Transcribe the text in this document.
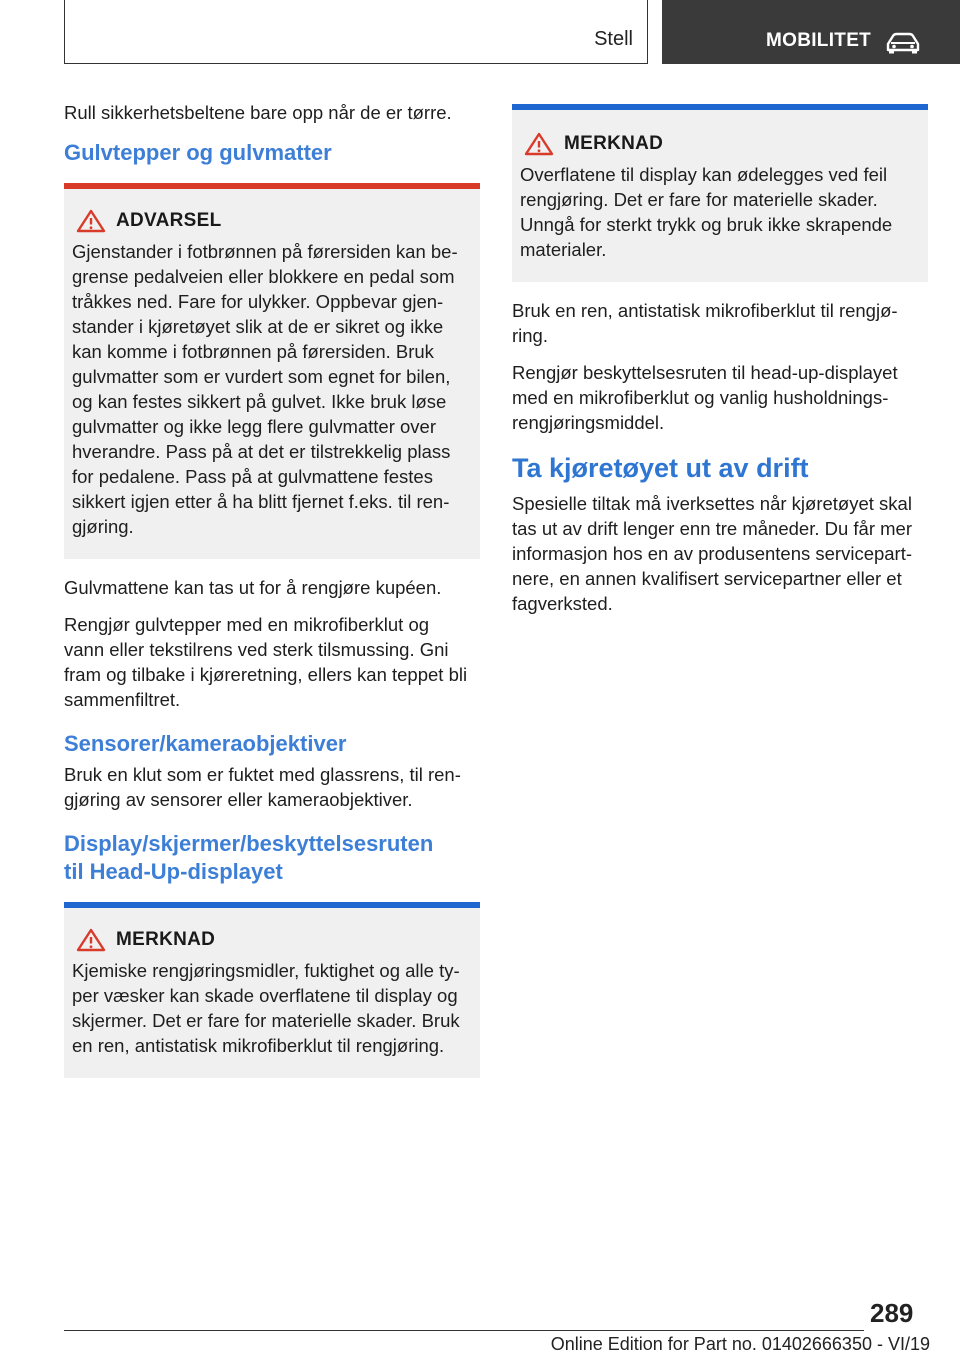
Stell	MOBILITET

Rull sikkerhetsbeltene bare opp når de er tørre.

Gulvtepper og gulvmatter
ADVARSEL

Gjenstander i fotbrønnen på førersiden kan be-
grense pedalveien eller blokkere en pedal som
tråkkes ned. Fare for ulykker. Oppbevar gjen-
stander i kjøretøyet slik at de er sikret og ikke
kan komme i fotbrønnen på førersiden. Bruk
gulvmatter som er vurdert som egnet for bilen,
og kan festes sikkert på gulvet. Ikke bruk løse
gulvmatter og ikke legg flere gulvmatter over
hverandre. Pass på at det er tilstrekkelig plass
for pedalene. Pass på at gulvmattene festes
sikkert igjen etter å ha blitt fjernet f.eks. til ren-
gjøring.

Gulvmattene kan tas ut for å rengjøre kupéen.

Rengjør gulvtepper med en mikrofiberklut og
vann eller tekstilrens ved sterk tilsmussing. Gni
fram og tilbake i kjøreretning, ellers kan teppet bli
sammenfiltret.

Sensorer/kameraobjektiver

Bruk en klut som er fuktet med glassrens, til ren-
gjøring av sensorer eller kameraobjektiver.

Display/skjermer/beskyttelsesruten
til Head-Up-displayet
MERKNAD

Kjemiske rengjøringsmidler, fuktighet og alle ty-
per væsker kan skade overflatene til display og
skjermer. Det er fare for materielle skader. Bruk
en ren, antistatisk mikrofiberklut til rengjøring.

MERKNAD

Overflatene til display kan ødelegges ved feil
rengjøring. Det er fare for materielle skader.
Unngå for sterkt trykk og bruk ikke skrapende
materialer.

Bruk en ren, antistatisk mikrofiberklut til rengjø-
ring.

Rengjør beskyttelsesruten til head-up-displayet
med en mikrofiberklut og vanlig husholdnings-
rengjøringsmiddel.

Ta kjøretøyet ut av drift

Spesielle tiltak må iverksettes når kjøretøyet skal
tas ut av drift lenger enn tre måneder. Du får mer
informasjon hos en av produsentens servicepart-
nere, en annen kvalifisert servicepartner eller et
fagverksted.

289
Online Edition for Part no. 01402666350 - VI/19
